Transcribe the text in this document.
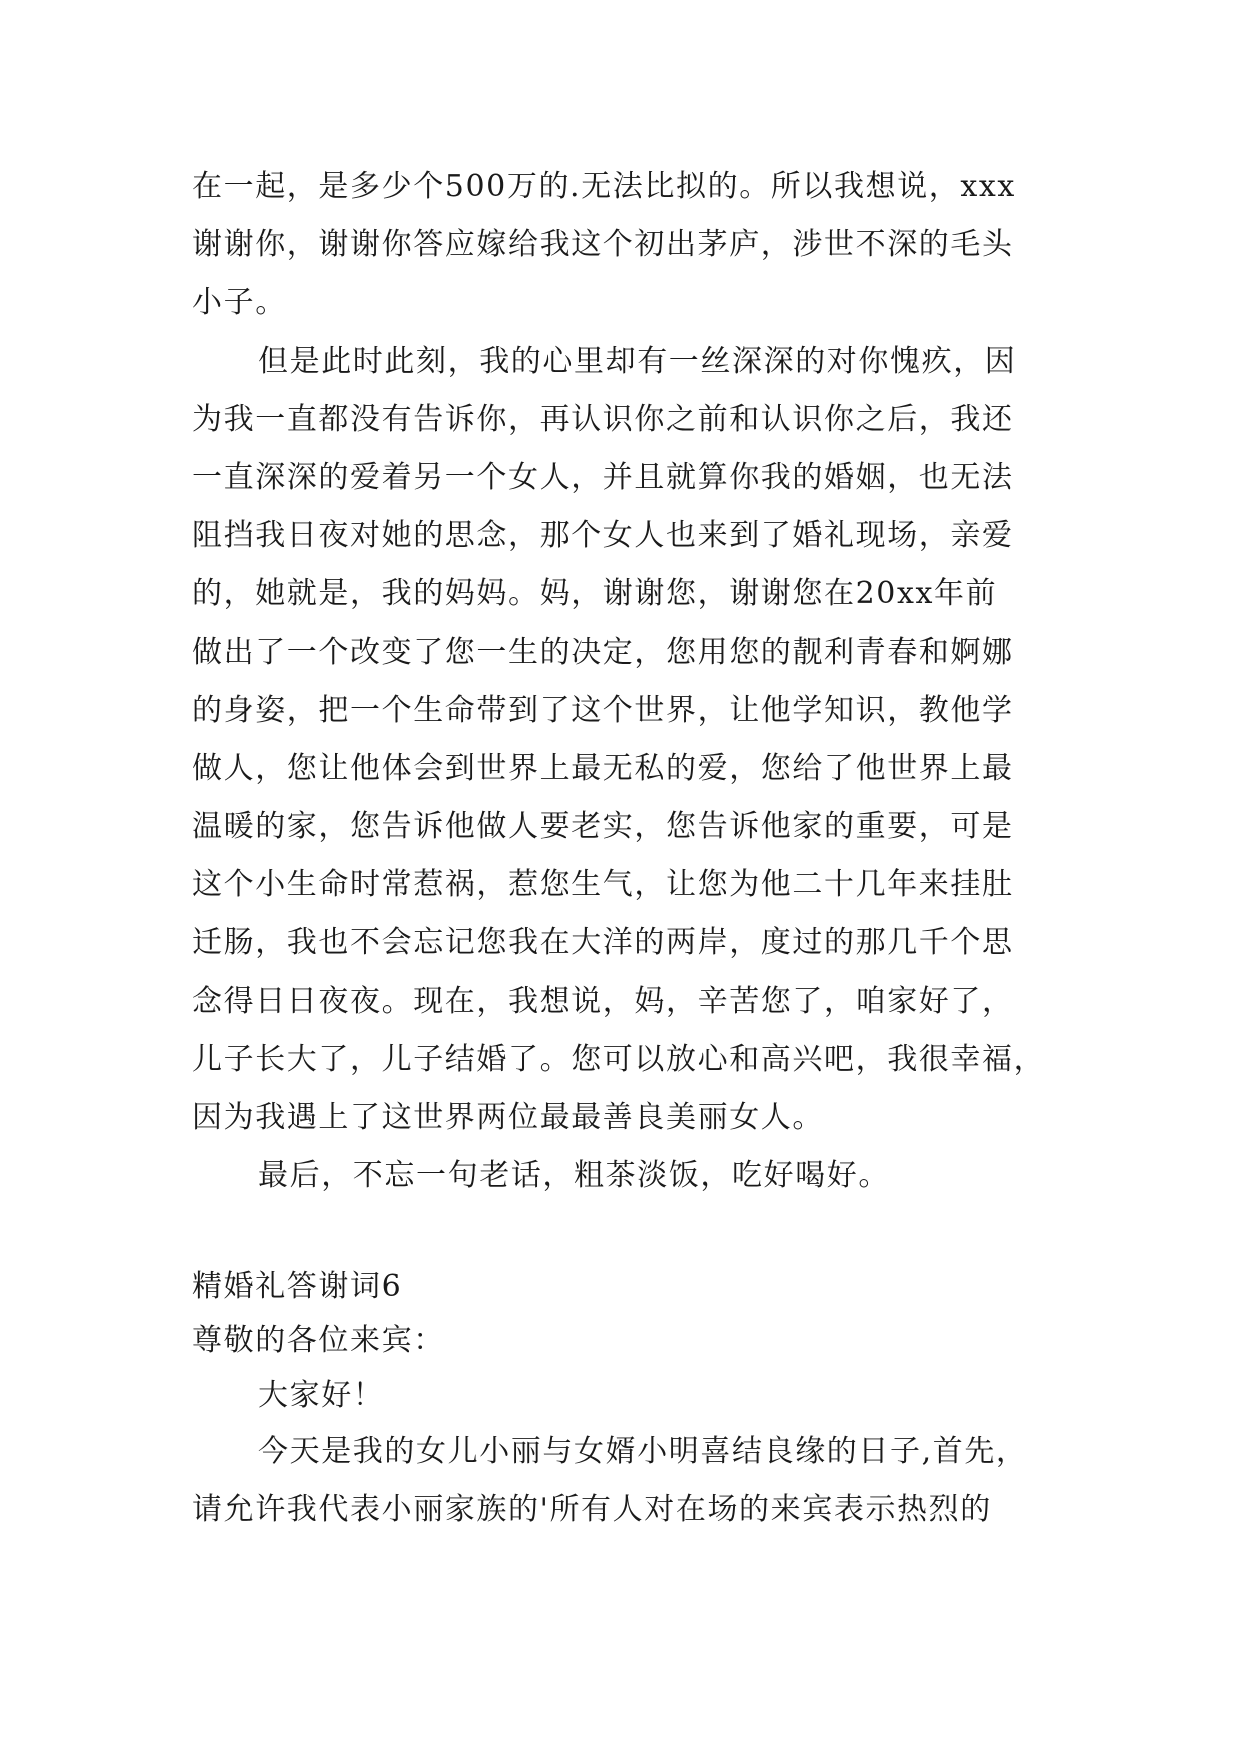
在一起，是多少个500万的.无法比拟的。所以我想说，xxx
谢谢你，谢谢你答应嫁给我这个初出茅庐，涉世不深的毛头
小子。
但是此时此刻，我的心里却有一丝深深的对你愧疚，因
为我一直都没有告诉你，再认识你之前和认识你之后，我还
一直深深的爱着另一个女人，并且就算你我的婚姻，也无法
阻挡我日夜对她的思念，那个女人也来到了婚礼现场，亲爱
的，她就是，我的妈妈。妈，谢谢您，谢谢您在20xx年前
做出了一个改变了您一生的决定，您用您的靓利青春和婀娜
的身姿，把一个生命带到了这个世界，让他学知识，教他学
做人，您让他体会到世界上最无私的爱，您给了他世界上最
温暖的家，您告诉他做人要老实，您告诉他家的重要，可是
这个小生命时常惹祸，惹您生气，让您为他二十几年来挂肚
迁肠，我也不会忘记您我在大洋的两岸，度过的那几千个思
念得日日夜夜。现在，我想说，妈，辛苦您了，咱家好了，
儿子长大了，儿子结婚了。您可以放心和高兴吧，我很幸福，
因为我遇上了这世界两位最最善良美丽女人。
最后，不忘一句老话，粗茶淡饭，吃好喝好。
精婚礼答谢词6
尊敬的各位来宾：
大家好！
今天是我的女儿小丽与女婿小明喜结良缘的日子,首先，
请允许我代表小丽家族的'所有人对在场的来宾表示热烈的
